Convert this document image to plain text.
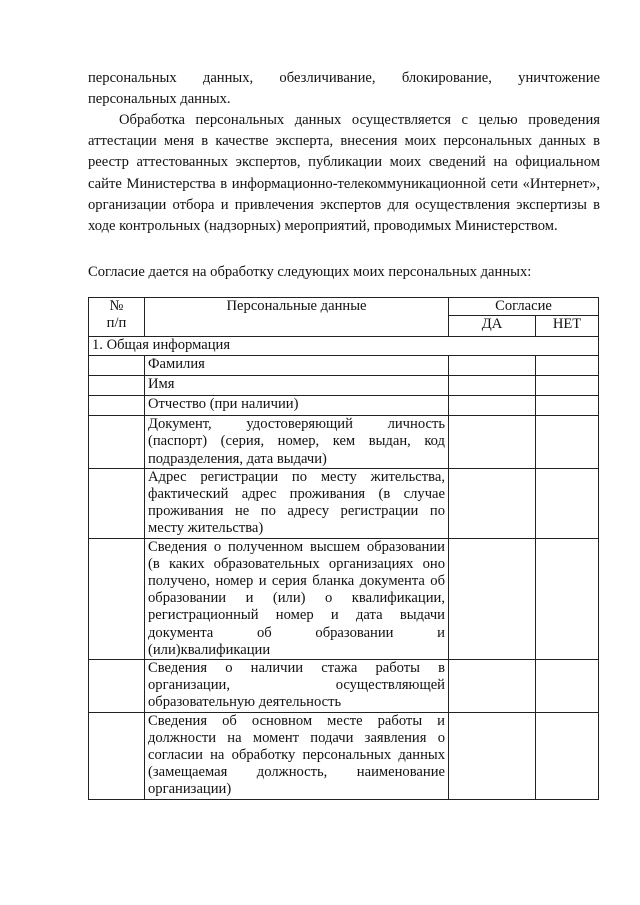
персональных данных, обезличивание, блокирование, уничтожение
персональных данных.

Обработка персональных данных осуществляется с целью проведения аттестации меня в качестве эксперта, внесения моих персональных данных в реестр аттестованных экспертов, публикации моих сведений на официальном сайте Министерства в информационно-телекоммуникационной сети «Интернет», организации отбора и привлечения экспертов для осуществления экспертизы в ходе контрольных (надзорных) мероприятий, проводимых Министерством.

Согласие дается на обработку следующих моих персональных данных:

№
п/п	Персональные данные	Согласие	
		ДА	НЕТ
1. Общая информация			
	Фамилия		
	Имя		
	Отчество (при наличии)		
	Документ, удостоверяющий личность (паспорт) (серия, номер, кем выдан, код подразделения, дата выдачи)		
	Адрес регистрации по месту жительства, фактический адрес проживания (в случае проживания не по адресу регистрации по месту жительства)		
	Сведения о полученном высшем образовании (в каких образовательных организациях оно получено, номер и серия бланка документа об образовании и (или) о квалификации, регистрационный номер и дата выдачи документа об образовании и (или)квалификации		
	Сведения о наличии стажа работы в организации, осуществляющей образовательную деятельность		
	Сведения об основном месте работы и должности на момент подачи заявления о согласии на обработку персональных данных (замещаемая должность, наименование организации)		
